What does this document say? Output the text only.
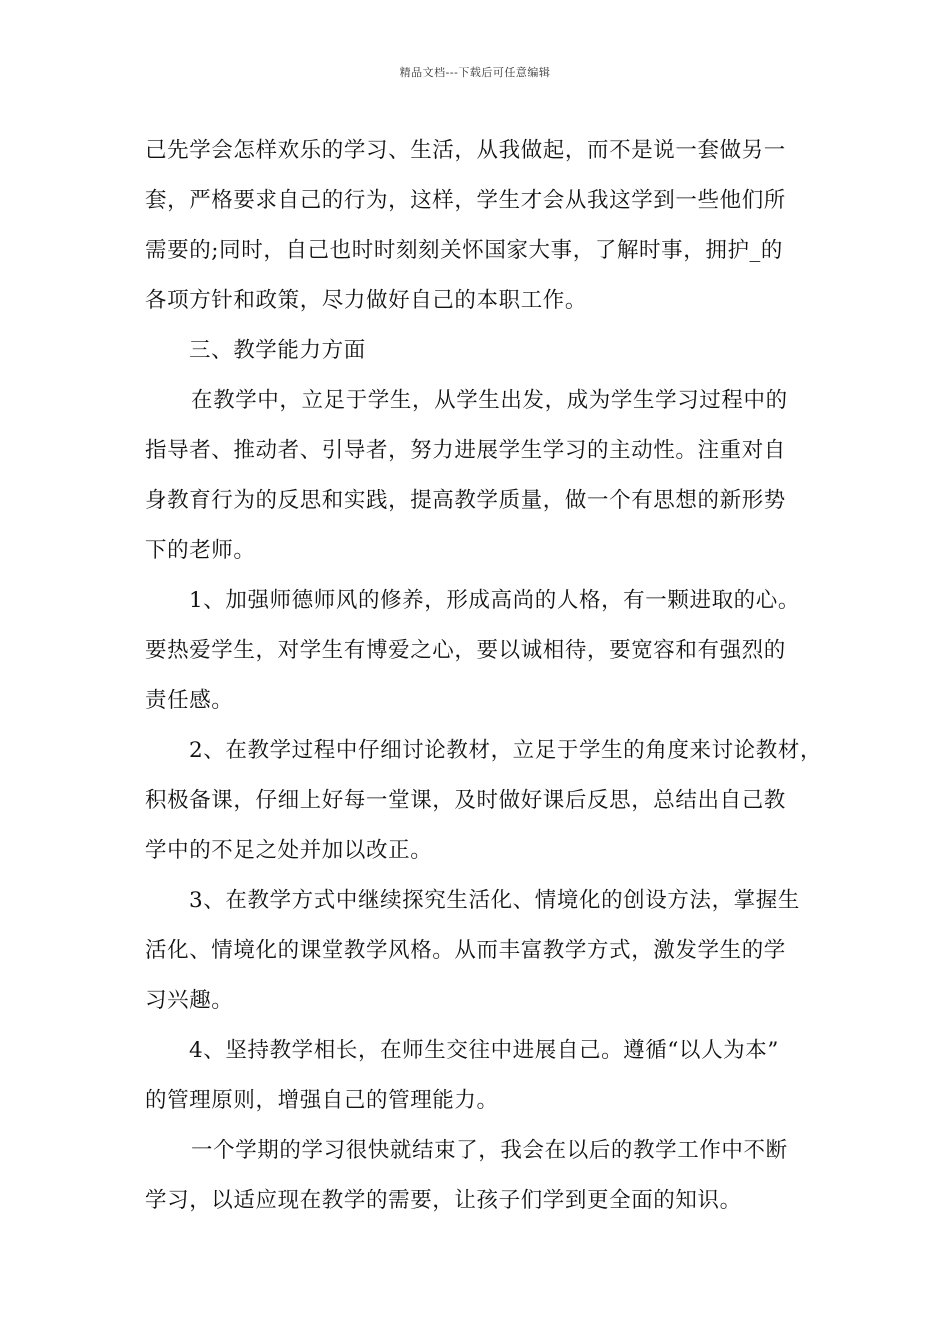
精品文档---下载后可任意编辑
己先学会怎样欢乐的学习、生活，从我做起，而不是说一套做另一
套，严格要求自己的行为，这样，学生才会从我这学到一些他们所
需要的;同时，自己也时时刻刻关怀国家大事，了解时事，拥护_的
各项方针和政策，尽力做好自己的本职工作。
三、教学能力方面
在教学中，立足于学生，从学生出发，成为学生学习过程中的
指导者、推动者、引导者，努力进展学生学习的主动性。注重对自
身教育行为的反思和实践，提高教学质量，做一个有思想的新形势
下的老师。
1、加强师德师风的修养，形成高尚的人格，有一颗进取的心。
要热爱学生，对学生有博爱之心，要以诚相待，要宽容和有强烈的
责任感。
2、在教学过程中仔细讨论教材，立足于学生的角度来讨论教材，
积极备课，仔细上好每一堂课，及时做好课后反思，总结出自己教
学中的不足之处并加以改正。
3、在教学方式中继续探究生活化、情境化的创设方法，掌握生
活化、情境化的课堂教学风格。从而丰富教学方式，激发学生的学
习兴趣。
4、坚持教学相长，在师生交往中进展自己。遵循“以人为本”
的管理原则，增强自己的管理能力。
一个学期的学习很快就结束了，我会在以后的教学工作中不断
学习，以适应现在教学的需要，让孩子们学到更全面的知识。
